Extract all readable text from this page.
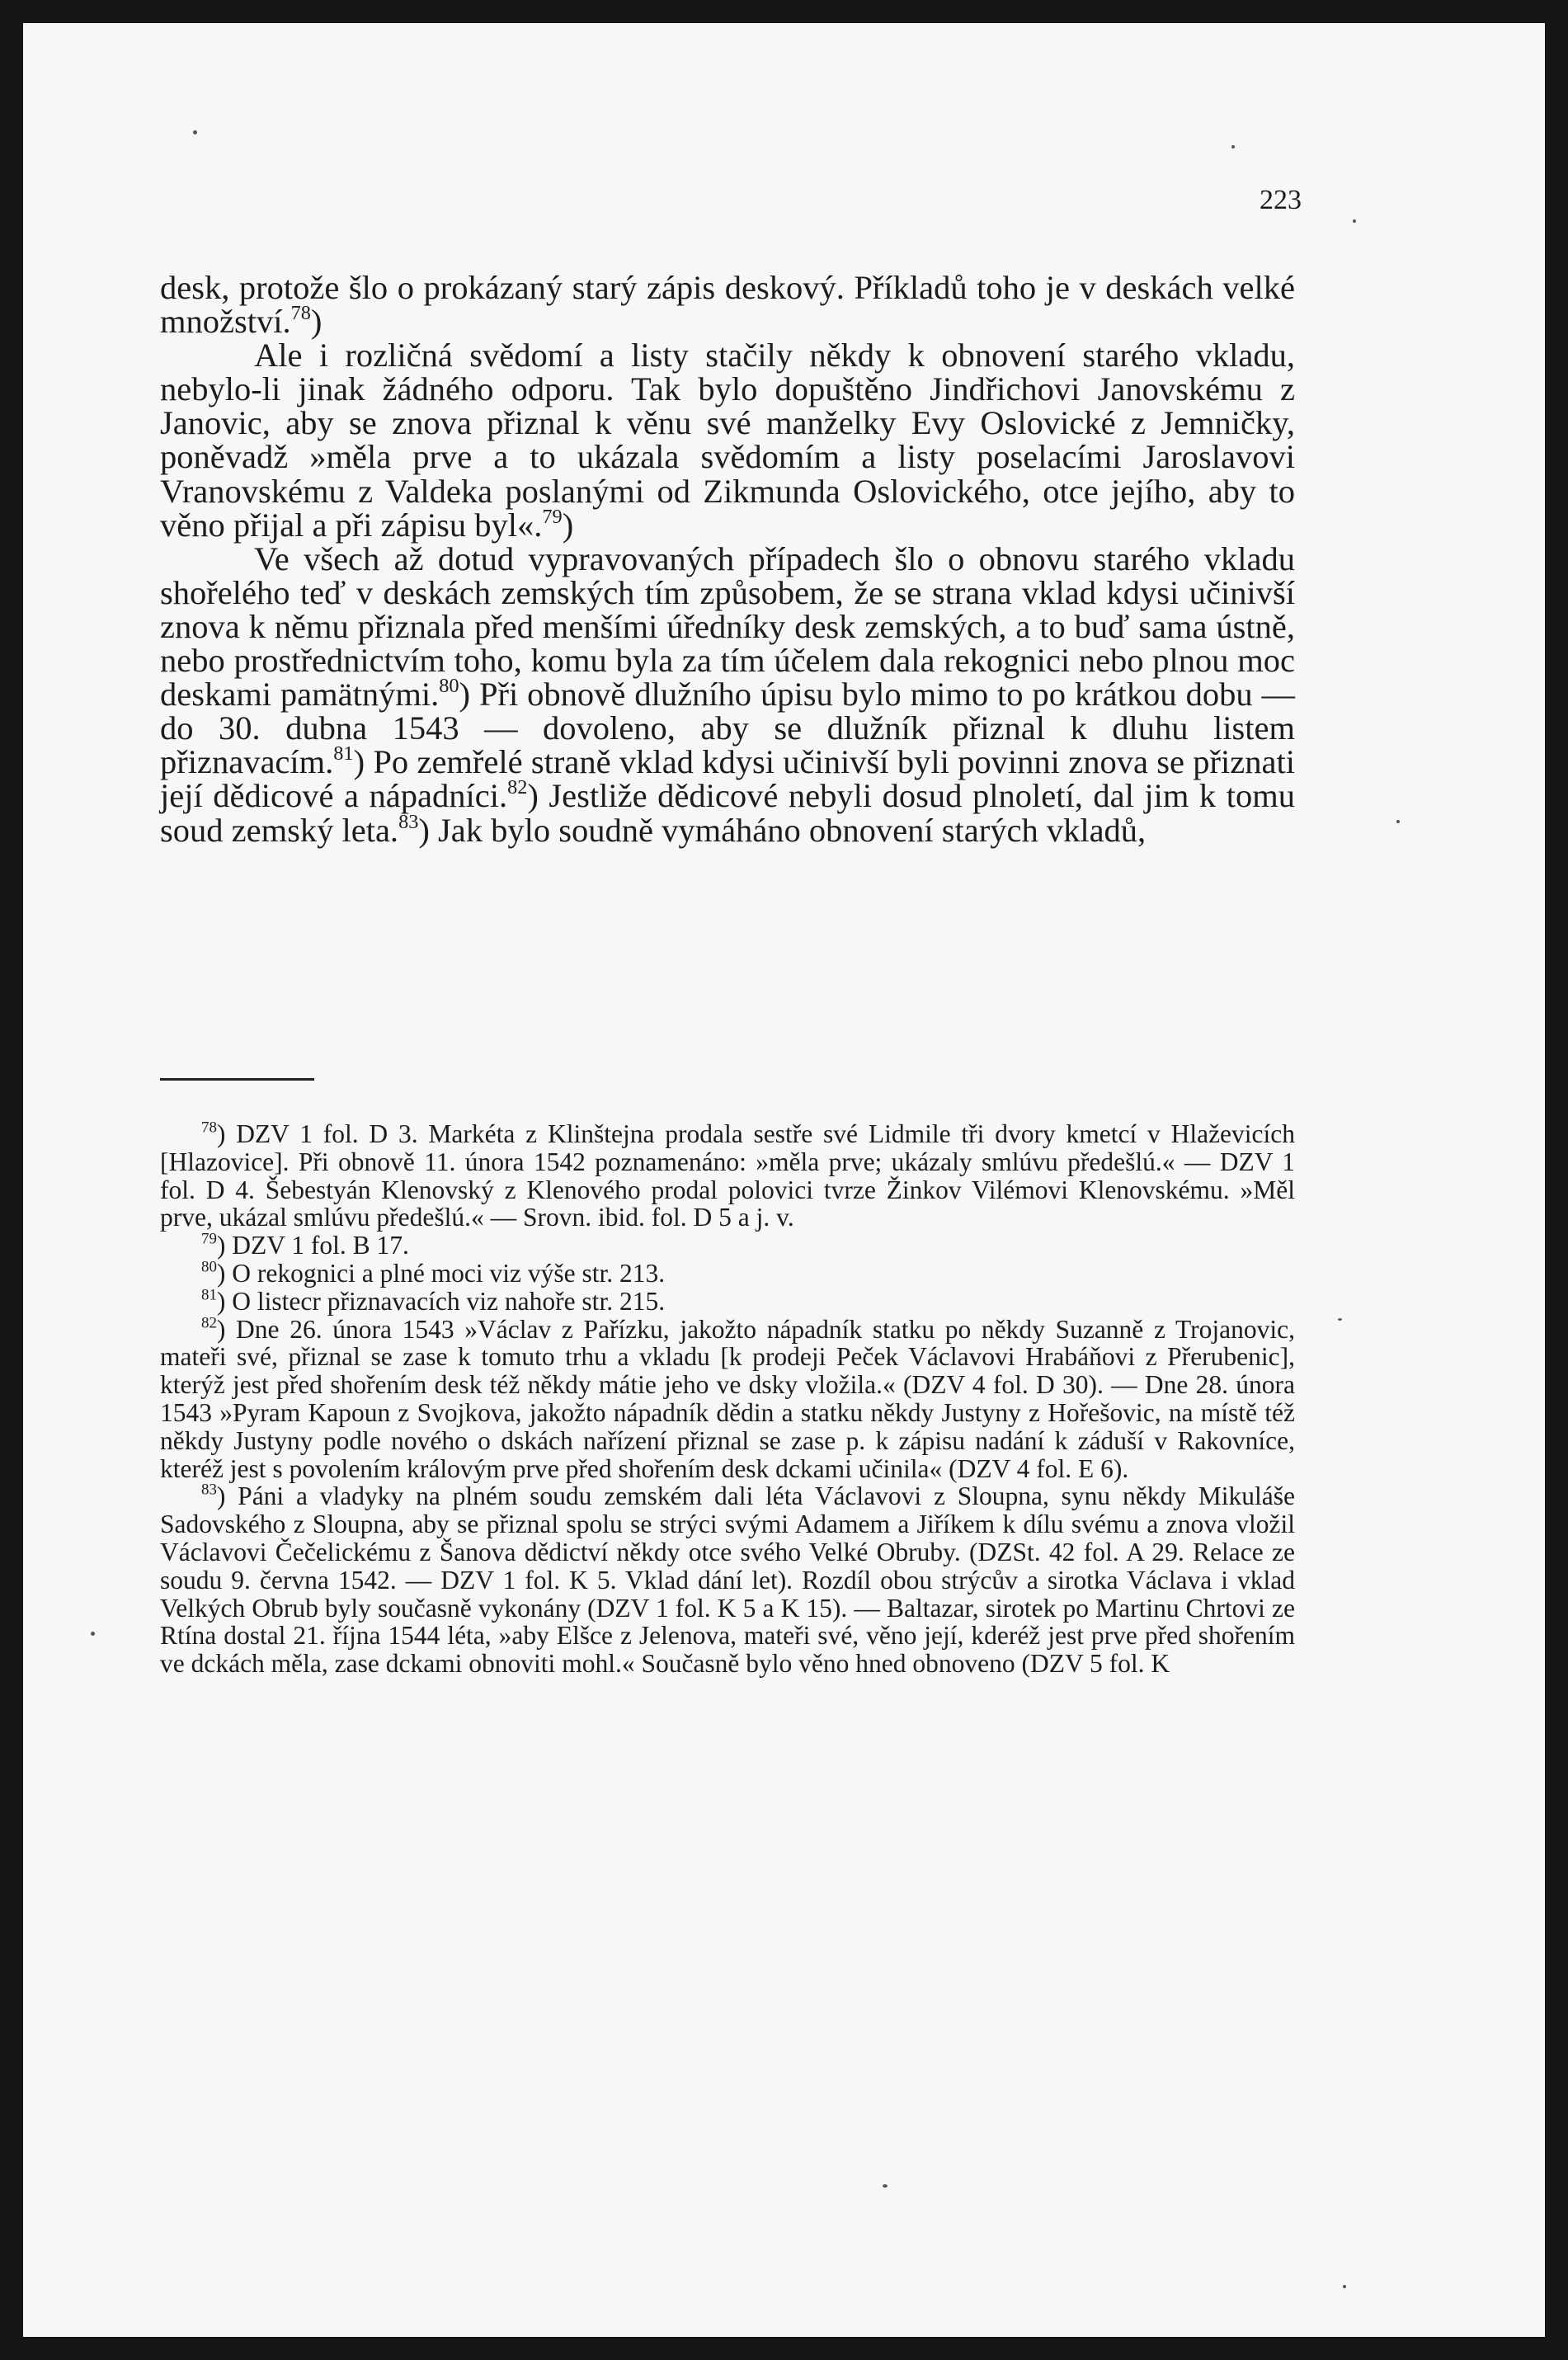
223

desk, protože šlo o prokázaný starý zápis deskový. Příkladů toho je v deskách velké množství.$^{78}$)

Ale i rozličná svědomí a listy stačily někdy k obnovení starého vkladu, nebylo-li jinak žádného odporu. Tak bylo dopuštěno Jindřichovi Janovskému z Janovic, aby se znova přiznal k věnu své manželky Evy Oslovické z Jemničky, poněvadž »měla prve a to ukázala svědomím a listy poselacími Jaroslavovi Vranovskému z Valdeka poslanými od Zikmunda Oslovického, otce jejího, aby to věno přijal a při zápisu byl«.$^{79}$)

Ve všech až dotud vypravovaných případech šlo o obnovu starého vkladu shořelého teď v deskách zemských tím způsobem, že se strana vklad kdysi učinivší znova k němu přiznala před menšími úředníky desk zemských, a to buď sama ústně, nebo prostřednictvím toho, komu byla za tím účelem dala rekognici nebo plnou moc deskami pamätnými.$^{80}$) Při obnově dlužního úpisu bylo mimo to po krátkou dobu — do 30. dubna 1543 — dovoleno, aby se dlužník přiznal k dluhu listem přiznavacím.$^{81}$) Po zemřelé straně vklad kdysi učinivší byli povinni znova se přiznati její dědicové a nápadníci.$^{82}$) Jestliže dědicové nebyli dosud plnoletí, dal jim k tomu soud zemský leta.$^{83}$) Jak bylo soudně vymáháno obnovení starých vkladů,

$^{78}$) DZV 1 fol. D 3. Markéta z Klinštejna prodala sestře své Lidmile tři dvory kmetcí v Hlaževicích [Hlazovice]. Při obnově 11. února 1542 poznamenáno: »měla prve; ukázaly smlúvu předešlú.« — DZV 1 fol. D 4. Šebestyán Klenovský z Klenového prodal polovici tvrze Žinkov Vilémovi Klenovskému. »Měl prve, ukázal smlúvu předešlú.« — Srovn. ibid. fol. D 5 a j. v.

$^{79}$) DZV 1 fol. B 17.

$^{80}$) O rekognici a plné moci viz výše str. 213.

$^{81}$) O listecr přiznavacích viz nahoře str. 215.

$^{82}$) Dne 26. února 1543 »Václav z Pařízku, jakožto nápadník statku po někdy Suzanně z Trojanovic, mateři své, přiznal se zase k tomuto trhu a vkladu [k prodeji Peček Václavovi Hrabáňovi z Přerubenic], kterýž jest před shořením desk též někdy mátie jeho ve dsky vložila.« (DZV 4 fol. D 30). — Dne 28. února 1543 »Pyram Kapoun z Svojkova, jakožto nápadník dědin a statku někdy Justyny z Hořešovic, na místě též někdy Justyny podle nového o dskách nařízení přiznal se zase p. k zápisu nadání k záduší v Rakovníce, kteréž jest s povolením královým prve před shořením desk dckami učinila« (DZV 4 fol. E 6).

$^{83}$) Páni a vladyky na plném soudu zemském dali léta Václavovi z Sloupna, synu někdy Mikuláše Sadovského z Sloupna, aby se přiznal spolu se strýci svými Adamem a Jiříkem k dílu svému a znova vložil Václavovi Čečelickému z Šanova dědictví někdy otce svého Velké Obruby. (DZSt. 42 fol. A 29. Relace ze soudu 9. června 1542. — DZV 1 fol. K 5. Vklad dání let). Rozdíl obou strýcův a sirotka Václava i vklad Velkých Obrub byly současně vykonány (DZV 1 fol. K 5 a K 15). — Baltazar, sirotek po Martinu Chrtovi ze Rtína dostal 21. října 1544 léta, »aby Elšce z Jelenova, mateři své, věno její, kderéž jest prve před shořením ve dckách měla, zase dckami obnoviti mohl.« Současně bylo věno hned obnoveno (DZV 5 fol. K
